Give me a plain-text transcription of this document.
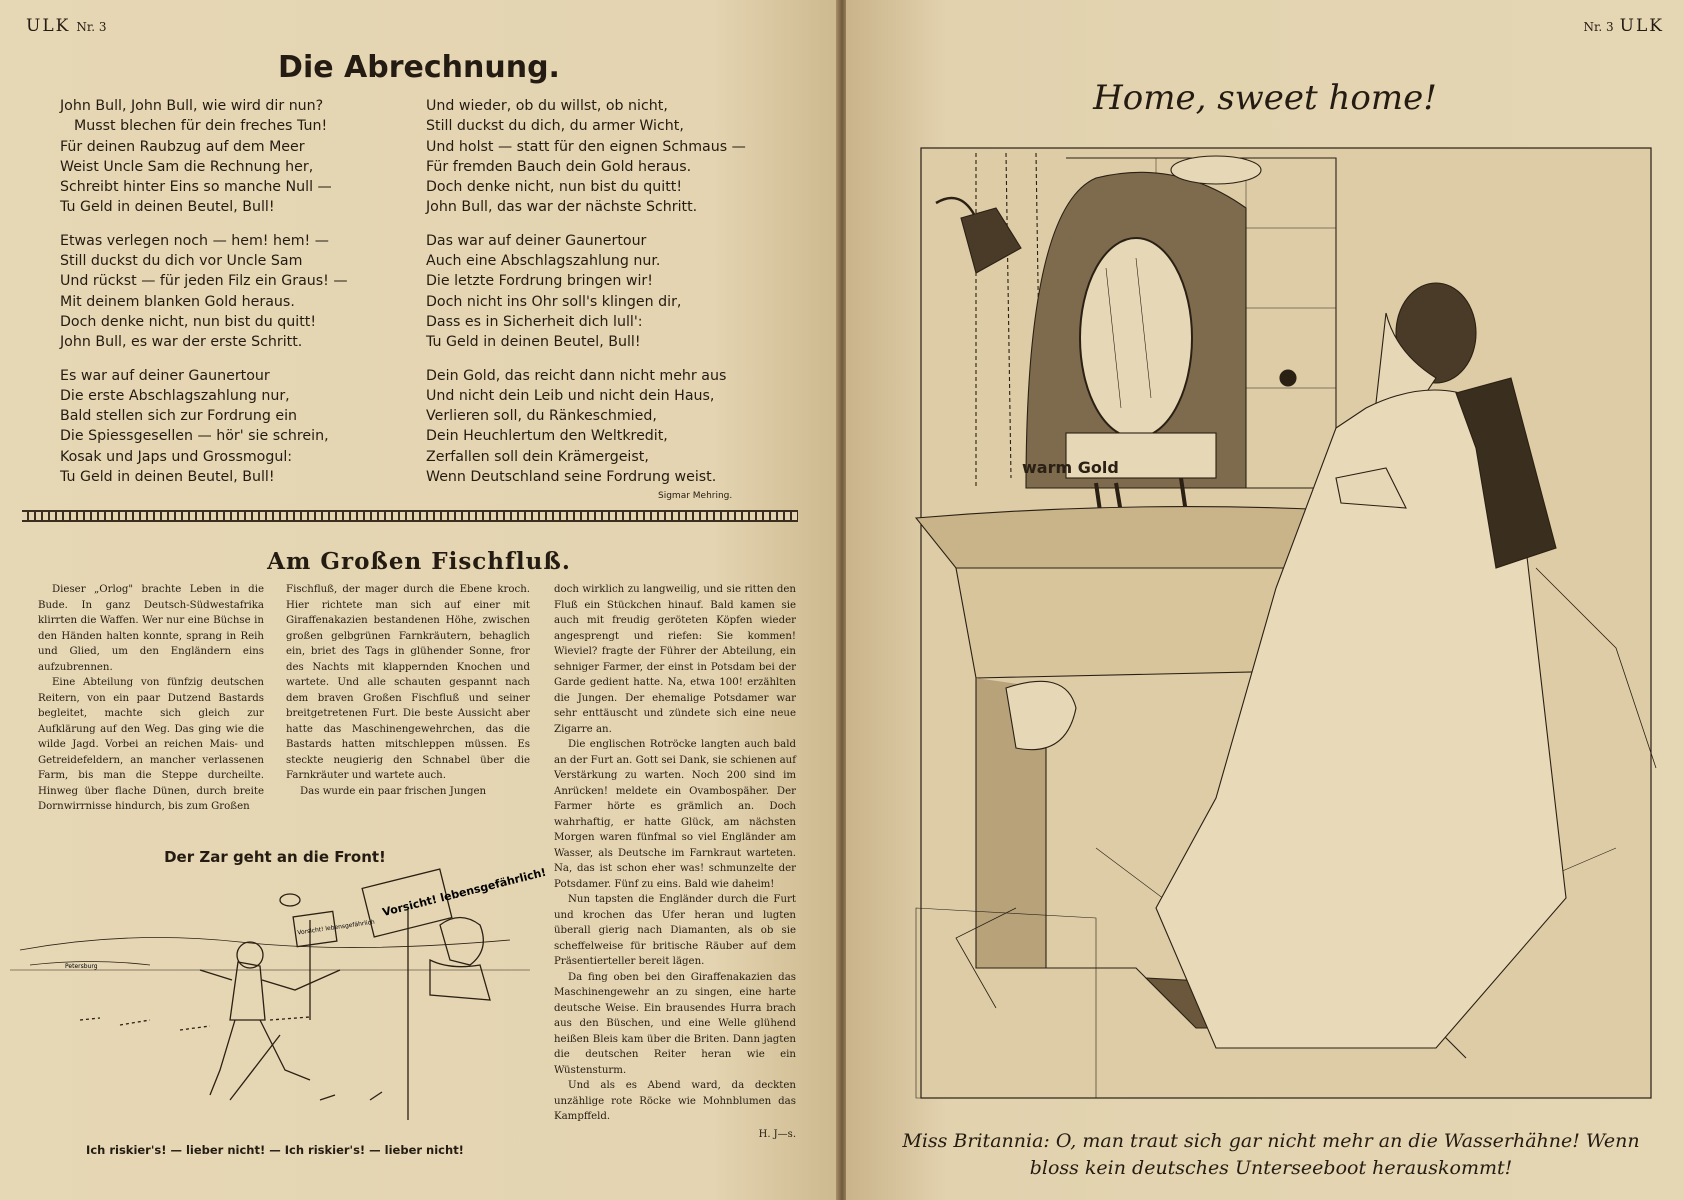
ULK Nr. 3
Die Abrechnung.
John Bull, John Bull, wie wird dir nun?
Musst blechen für dein freches Tun!
Für deinen Raubzug auf dem Meer
Weist Uncle Sam die Rechnung her,
Schreibt hinter Eins so manche Null —
Tu Geld in deinen Beutel, Bull!
Etwas verlegen noch — hem! hem! —
Still duckst du dich vor Uncle Sam
Und rückst — für jeden Filz ein Graus! —
Mit deinem blanken Gold heraus.
Doch denke nicht, nun bist du quitt!
John Bull, es war der erste Schritt.
Es war auf deiner Gaunertour
Die erste Abschlagszahlung nur,
Bald stellen sich zur Fordrung ein
Die Spiessgesellen — hör' sie schrein,
Kosak und Japs und Grossmogul:
Tu Geld in deinen Beutel, Bull!
Und wieder, ob du willst, ob nicht,
Still duckst du dich, du armer Wicht,
Und holst — statt für den eignen Schmaus —
Für fremden Bauch dein Gold heraus.
Doch denke nicht, nun bist du quitt!
John Bull, das war der nächste Schritt.
Das war auf deiner Gaunertour
Auch eine Abschlagszahlung nur.
Die letzte Fordrung bringen wir!
Doch nicht ins Ohr soll's klingen dir,
Dass es in Sicherheit dich lull':
Tu Geld in deinen Beutel, Bull!
Dein Gold, das reicht dann nicht mehr aus
Und nicht dein Leib und nicht dein Haus,
Verlieren soll, du Ränkeschmied,
Dein Heuchlertum den Weltkredit,
Zerfallen soll dein Krämergeist,
Wenn Deutschland seine Fordrung weist.
Sigmar Mehring.
Am Großen Fischfluß.

Dieser „Orlog" brachte Leben in die Bude. In ganz Deutsch-Südwestafrika klirrten die Waffen. Wer nur eine Büchse in den Händen halten konnte, sprang in Reih und Glied, um den Engländern eins aufzubrennen.

Eine Abteilung von fünfzig deutschen Reitern, von ein paar Dutzend Bastards begleitet, machte sich gleich zur Aufklärung auf den Weg. Das ging wie die wilde Jagd. Vorbei an reichen Mais- und Getreidefeldern, an mancher verlassenen Farm, bis man die Steppe durcheilte. Hinweg über flache Dünen, durch breite Dornwirrnisse hindurch, bis zum Großen

Fischfluß, der mager durch die Ebene kroch. Hier richtete man sich auf einer mit Giraffenakazien bestandenen Höhe, zwischen großen gelbgrünen Farnkräutern, behaglich ein, briet des Tags in glühender Sonne, fror des Nachts mit klappernden Knochen und wartete. Und alle schauten gespannt nach dem braven Großen Fischfluß und seiner breitgetretenen Furt. Die beste Aussicht aber hatte das Maschinengewehrchen, das die Bastards hatten mitschleppen müssen. Es steckte neugierig den Schnabel über die Farnkräuter und wartete auch.

Das wurde ein paar frischen Jungen

doch wirklich zu langweilig, und sie ritten den Fluß ein Stückchen hinauf. Bald kamen sie auch mit freudig geröteten Köpfen wieder angesprengt und riefen: Sie kommen! Wieviel? fragte der Führer der Abteilung, ein sehniger Farmer, der einst in Potsdam bei der Garde gedient hatte. Na, etwa 100! erzählten die Jungen. Der ehemalige Potsdamer war sehr enttäuscht und zündete sich eine neue Zigarre an.

Die englischen Rotröcke langten auch bald an der Furt an. Gott sei Dank, sie schienen auf Verstärkung zu warten. Noch 200 sind im Anrücken! meldete ein Ovambospäher. Der Farmer hörte es grämlich an. Doch wahrhaftig, er hatte Glück, am nächsten Morgen waren fünfmal so viel Engländer am Wasser, als Deutsche im Farnkraut warteten. Na, das ist schon eher was! schmunzelte der Potsdamer. Fünf zu eins. Bald wie daheim!

Nun tapsten die Engländer durch die Furt und krochen das Ufer heran und lugten überall gierig nach Diamanten, als ob sie scheffelweise für britische Räuber auf dem Präsentierteller bereit lägen.

Da fing oben bei den Giraffenakazien das Maschinengewehr an zu singen, eine harte deutsche Weise. Ein brausendes Hurra brach aus den Büschen, und eine Welle glühend heißen Bleis kam über die Briten. Dann jagten die deutschen Reiter heran wie ein Wüstensturm.

Und als es Abend ward, da deckten unzählige rote Röcke wie Mohnblumen das Kampffeld.

H. J—s.
Der Zar geht an die Front!
Vorsicht! lebensgefährlich!
Vorsicht! lebensgefährlich
Petersburg
Ich riskier's! — lieber nicht! — Ich riskier's! — lieber nicht!
Nr. 3 ULK
Home, sweet home!
warm Gold
Miss Britannia: O, man traut sich gar nicht mehr an die Wasserhähne! Wenn bloss kein deutsches Unterseeboot herauskommt!
